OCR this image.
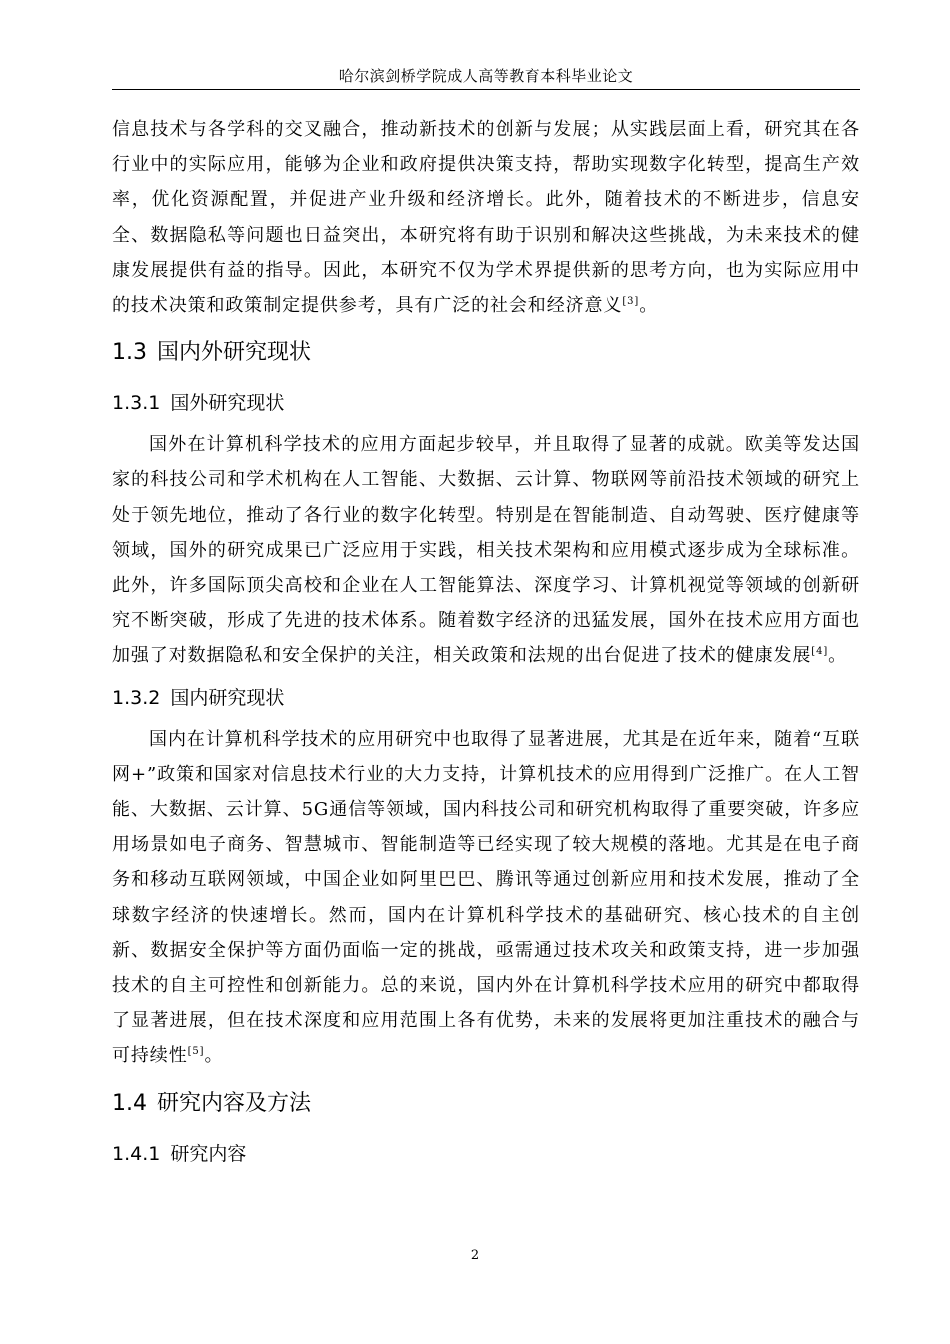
哈尔滨剑桥学院成人高等教育本科毕业论文

信息技术与各学科的交叉融合，推动新技术的创新与发展；从实践层面上看，研究其在各行业中的实际应用，能够为企业和政府提供决策支持，帮助实现数字化转型，提高生产效率，优化资源配置，并促进产业升级和经济增长。此外，随着技术的不断进步，信息安全、数据隐私等问题也日益突出，本研究将有助于识别和解决这些挑战，为未来技术的健康发展提供有益的指导。因此，本研究不仅为学术界提供新的思考方向，也为实际应用中的技术决策和政策制定提供参考，具有广泛的社会和经济意义[3]。

1.3 国内外研究现状
1.3.1 国外研究现状

国外在计算机科学技术的应用方面起步较早，并且取得了显著的成就。欧美等发达国家的科技公司和学术机构在人工智能、大数据、云计算、物联网等前沿技术领域的研究上处于领先地位，推动了各行业的数字化转型。特别是在智能制造、自动驾驶、医疗健康等领域，国外的研究成果已广泛应用于实践，相关技术架构和应用模式逐步成为全球标准。此外，许多国际顶尖高校和企业在人工智能算法、深度学习、计算机视觉等领域的创新研究不断突破，形成了先进的技术体系。随着数字经济的迅猛发展，国外在技术应用方面也加强了对数据隐私和安全保护的关注，相关政策和法规的出台促进了技术的健康发展[4]。

1.3.2 国内研究现状

国内在计算机科学技术的应用研究中也取得了显著进展，尤其是在近年来，随着“互联网+”政策和国家对信息技术行业的大力支持，计算机技术的应用得到广泛推广。在人工智能、大数据、云计算、5G通信等领域，国内科技公司和研究机构取得了重要突破，许多应用场景如电子商务、智慧城市、智能制造等已经实现了较大规模的落地。尤其是在电子商务和移动互联网领域，中国企业如阿里巴巴、腾讯等通过创新应用和技术发展，推动了全球数字经济的快速增长。然而，国内在计算机科学技术的基础研究、核心技术的自主创新、数据安全保护等方面仍面临一定的挑战，亟需通过技术攻关和政策支持，进一步加强技术的自主可控性和创新能力。总的来说，国内外在计算机科学技术应用的研究中都取得了显著进展，但在技术深度和应用范围上各有优势，未来的发展将更加注重技术的融合与可持续性[5]。

1.4 研究内容及方法
1.4.1 研究内容
2
